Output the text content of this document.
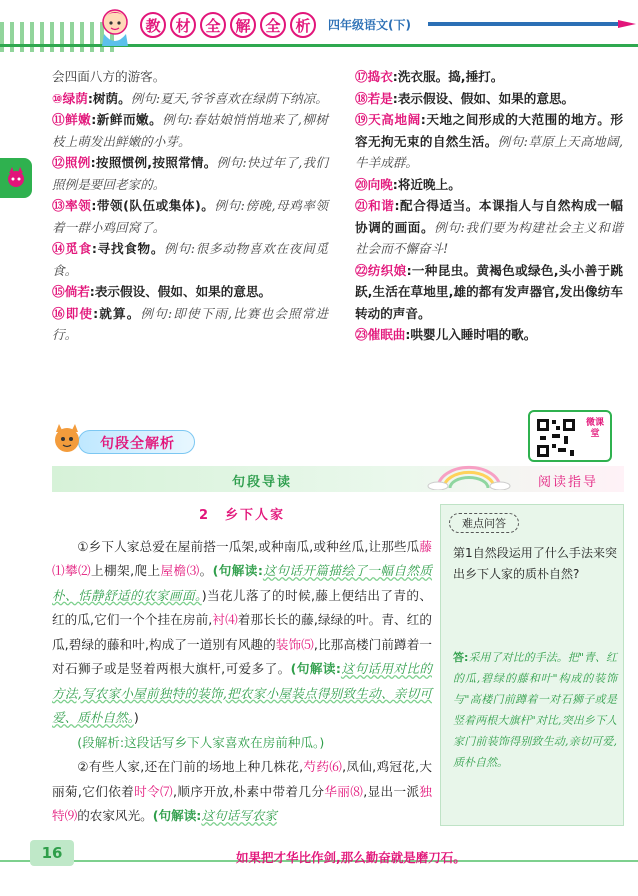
教 材 全 解 全 析	四年级语文(下)

会四面八方的游客。

⑩绿荫:树荫。例句:夏天,爷爷喜欢在绿荫下纳凉。

⑪鲜嫩:新鲜而嫩。例句:春姑娘悄悄地来了,柳树枝上萌发出鲜嫩的小芽。

⑫照例:按照惯例,按照常情。例句:快过年了,我们照例是要回老家的。

⑬率领:带领(队伍或集体)。例句:傍晚,母鸡率领着一群小鸡回窝了。

⑭觅食:寻找食物。例句:很多动物喜欢在夜间觅食。

⑮倘若:表示假设、假如、如果的意思。

⑯即使:就算。例句:即使下雨,比赛也会照常进行。

⑰捣衣:洗衣服。捣,捶打。

⑱若是:表示假设、假如、如果的意思。

⑲天高地阔:天地之间形成的大范围的地方。形容无拘无束的自然生活。例句:草原上天高地阔,牛羊成群。

⑳向晚:将近晚上。

㉑和谐:配合得适当。本课指人与自然构成一幅协调的画面。例句:我们要为构建社会主义和谐社会而不懈奋斗!

㉒纺织娘:一种昆虫。黄褐色或绿色,头小善于跳跃,生活在草地里,雄的都有发声器官,发出像纺车转动的声音。

㉓催眠曲:哄婴儿入睡时唱的歌。

句段全解析
微课堂
句段导读	阅读指导

2　乡下人家

①乡下人家总爱在屋前搭一瓜架,或种南瓜,或种丝瓜,让那些瓜藤⑴攀⑵上棚架,爬上屋檐⑶。(句解读:这句话开篇描绘了一幅自然质朴、恬静舒适的农家画面。)当花儿落了的时候,藤上便结出了青的、红的瓜,它们一个个挂在房前,衬⑷着那长长的藤,绿绿的叶。青、红的瓜,碧绿的藤和叶,构成了一道别有风趣的装饰⑸,比那高楼门前蹲着一对石狮子或是竖着两根大旗杆,可爱多了。(句解读:这句话用对比的方法,写农家小屋前独特的装饰,把农家小屋装点得别致生动、亲切可爱、质朴自然。)

(段解析:这段话写乡下人家喜欢在房前种瓜。)

②有些人家,还在门前的场地上种几株花,芍药⑹,凤仙,鸡冠花,大丽菊,它们依着时令⑺,顺序开放,朴素中带着几分华丽⑻,显出一派独特⑼的农家风光。(句解读:这句话写农家

难点问答

第1自然段运用了什么手法来突出乡下人家的质朴自然?

答:采用了对比的手法。把"青、红的瓜,碧绿的藤和叶"构成的装饰与"高楼门前蹲着一对石狮子或是竖着两根大旗杆"对比,突出乡下人家门前装饰得别致生动,亲切可爱,质朴自然。

16	如果把才华比作剑,那么勤奋就是磨刀石。
